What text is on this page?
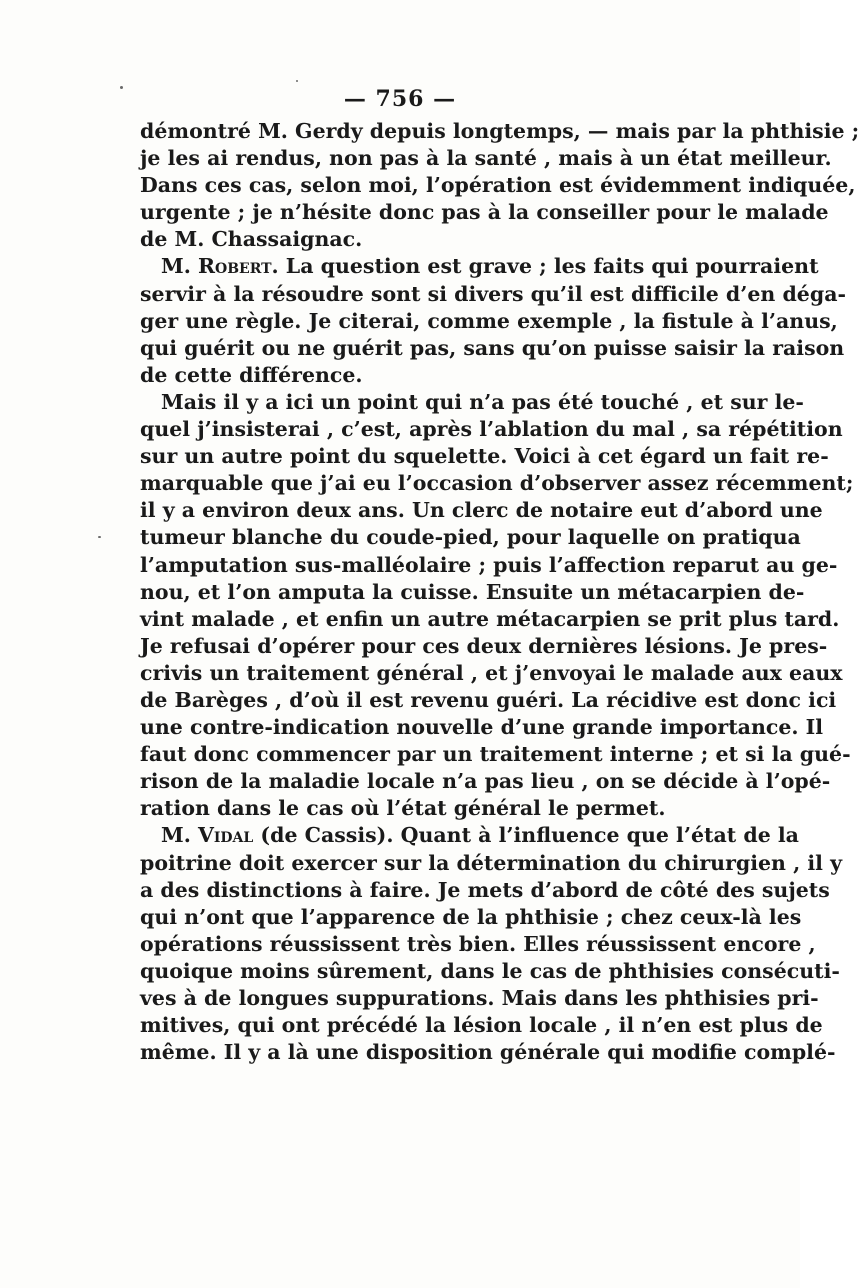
— 756 —
démontré M. Gerdy depuis longtemps, — mais par la phthisie ;
je les ai rendus, non pas à la santé , mais à un état meilleur.
Dans ces cas, selon moi, l’opération est évidemment indiquée,
urgente ; je n’hésite donc pas à la conseiller pour le malade
de M. Chassaignac.
M. Robert. La question est grave ; les faits qui pourraient
servir à la résoudre sont si divers qu’il est difficile d’en déga-
ger une règle. Je citerai, comme exemple , la fistule à l’anus,
qui guérit ou ne guérit pas, sans qu’on puisse saisir la raison
de cette différence.
Mais il y a ici un point qui n’a pas été touché , et sur le-
quel j’insisterai , c’est, après l’ablation du mal , sa répétition
sur un autre point du squelette. Voici à cet égard un fait re-
marquable que j’ai eu l’occasion d’observer assez récemment;
il y a environ deux ans. Un clerc de notaire eut d’abord une
tumeur blanche du coude-pied, pour laquelle on pratiqua
l’amputation sus-malléolaire ; puis l’affection reparut au ge-
nou, et l’on amputa la cuisse. Ensuite un métacarpien de-
vint malade , et enfin un autre métacarpien se prit plus tard.
Je refusai d’opérer pour ces deux dernières lésions. Je pres-
crivis un traitement général , et j’envoyai le malade aux eaux
de Barèges , d’où il est revenu guéri. La récidive est donc ici
une contre-indication nouvelle d’une grande importance. Il
faut donc commencer par un traitement interne ; et si la gué-
rison de la maladie locale n’a pas lieu , on se décide à l’opé-
ration dans le cas où l’état général le permet.
M. Vidal (de Cassis). Quant à l’influence que l’état de la
poitrine doit exercer sur la détermination du chirurgien , il y
a des distinctions à faire. Je mets d’abord de côté des sujets
qui n’ont que l’apparence de la phthisie ; chez ceux-là les
opérations réussissent très bien. Elles réussissent encore ,
quoique moins sûrement, dans le cas de phthisies consécuti-
ves à de longues suppurations. Mais dans les phthisies pri-
mitives, qui ont précédé la lésion locale , il n’en est plus de
même. Il y a là une disposition générale qui modifie complé-
